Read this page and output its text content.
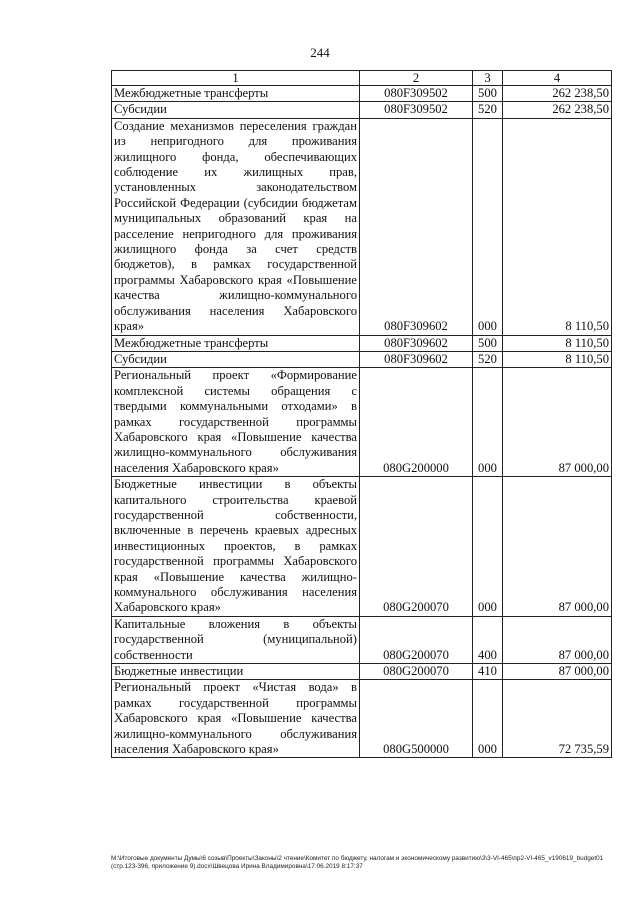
244
1	2	3	4
Межбюджетные трансферты	080F309502	500	262 238,50
Субсидии	080F309502	520	262 238,50
Создание механизмов переселения граждан из непригодного для проживания жилищного фонда, обеспечивающих соблюдение их жилищных прав, установленных законодательством Российской Федерации (субсидии бюджетам муниципальных образований края на расселение непригодного для проживания жилищного фонда за счет средств бюджетов), в рамках государственной программы Хабаровского края «Повышение качества жилищно-коммунального обслуживания населения Хабаровского края»	080F309602	000	8 110,50
Межбюджетные трансферты	080F309602	500	8 110,50
Субсидии	080F309602	520	8 110,50
Региональный проект «Формирование комплексной системы обращения с твердыми коммунальными отходами» в рамках государственной программы Хабаровского края «Повышение качества жилищно-коммунального обслуживания населения Хабаровского края»	080G200000	000	87 000,00
Бюджетные инвестиции в объекты капитального строительства краевой государственной собственности, включенные в перечень краевых адресных инвестиционных проектов, в рамках государственной программы Хабаровского края «Повышение качества жилищно-коммунального обслуживания населения Хабаровского края»	080G200070	000	87 000,00
Капитальные вложения в объекты государственной (муниципальной) собственности	080G200070	400	87 000,00
Бюджетные инвестиции	080G200070	410	87 000,00
Региональный проект «Чистая вода» в рамках государственной программы Хабаровского края «Повышение качества жилищно-коммунального обслуживания населения Хабаровского края»	080G500000	000	72 735,59
M:\Итоговые документы Думы\6 созыв\Проекты\Законы\2 чтение\Комитет по бюджету, налогам и экономическому развитию\3\3-VI-465\пр2-VI-465_v190619_budget01 (стр.123-396, приложение 9).docx\Швецова Ирина Владимировна\17.06.2019 8:17:37
